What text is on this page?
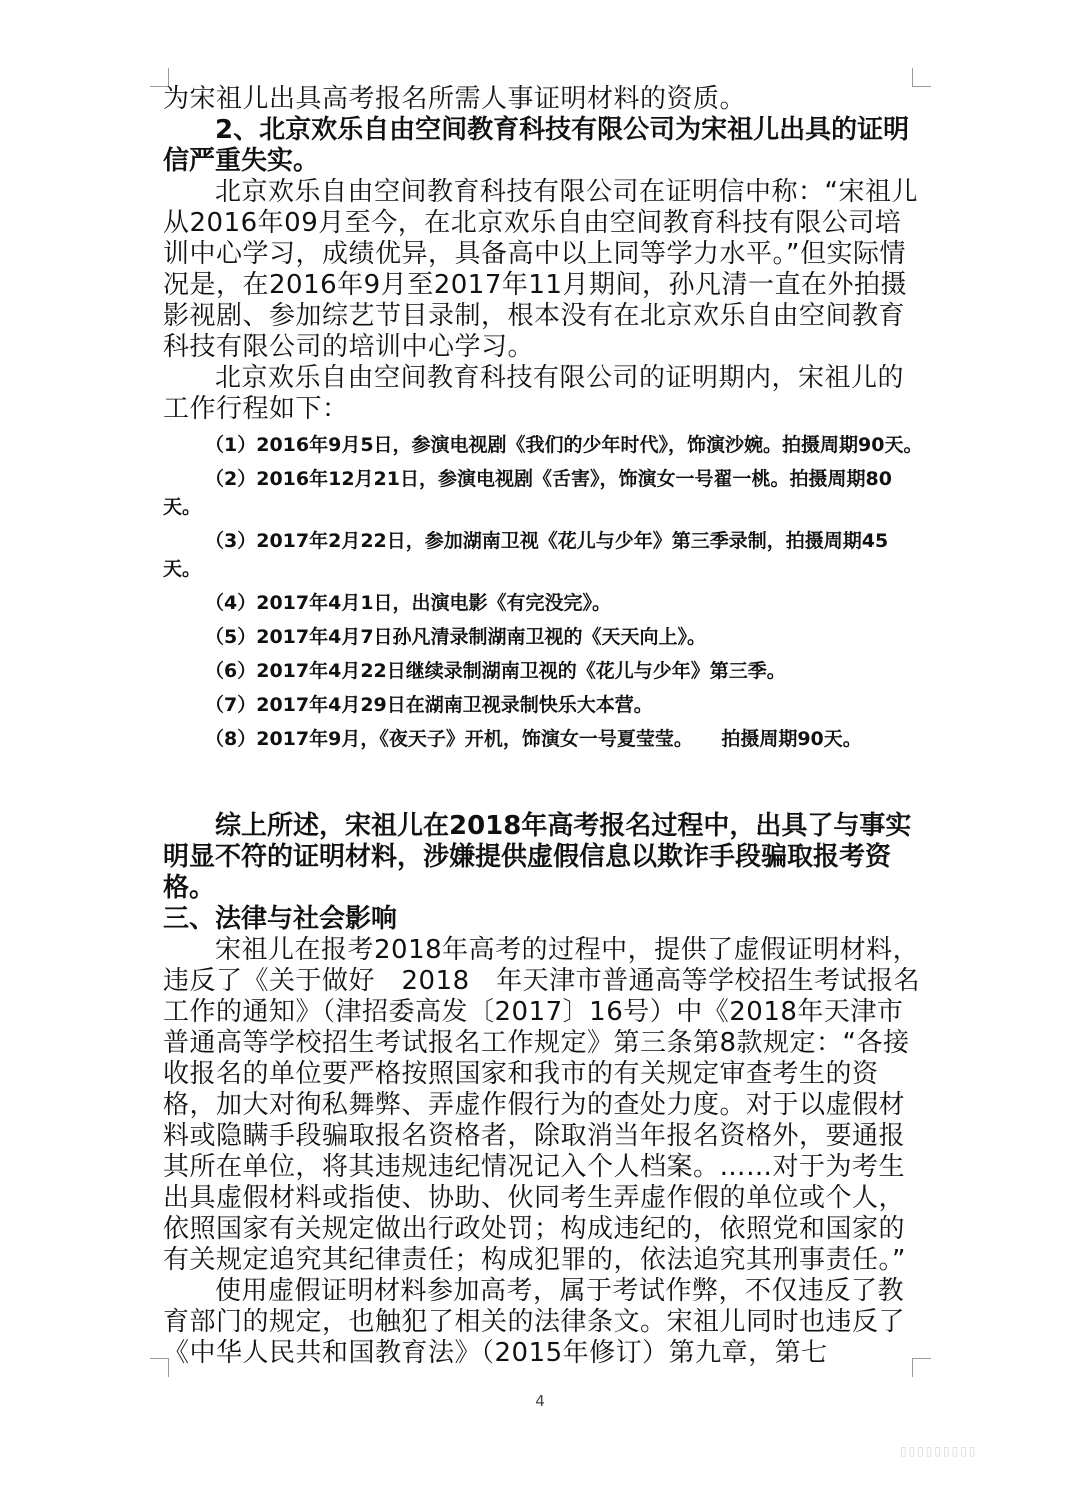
为宋祖儿出具高考报名所需人事证明材料的资质。

2、北京欢乐自由空间教育科技有限公司为宋祖儿出具的证明信严重失实。

北京欢乐自由空间教育科技有限公司在证明信中称：“宋祖儿从2016年09月至今，在北京欢乐自由空间教育科技有限公司培训中心学习，成绩优异，具备高中以上同等学力水平。”但实际情况是，在2016年9月至2017年11月期间，孙凡清一直在外拍摄影视剧、参加综艺节目录制，根本没有在北京欢乐自由空间教育科技有限公司的培训中心学习。

北京欢乐自由空间教育科技有限公司的证明期内，宋祖儿的工作行程如下：

（1）2016年9月5日，参演电视剧《我们的少年时代》，饰演沙婉。拍摄周期90天。

（2）2016年12月21日，参演电视剧《舌害》，饰演女一号翟一桃。拍摄周期80天。

（3）2017年2月22日，参加湖南卫视《花儿与少年》第三季录制，拍摄周期45天。

（4）2017年4月1日，出演电影《有完没完》。

（5）2017年4月7日孙凡清录制湖南卫视的《天天向上》。

（6）2017年4月22日继续录制湖南卫视的《花儿与少年》第三季。

（7）2017年4月29日在湖南卫视录制快乐大本营。

（8）2017年9月，《夜天子》开机，饰演女一号夏莹莹。　　拍摄周期90天。

综上所述，宋祖儿在2018年高考报名过程中，出具了与事实明显不符的证明材料，涉嫌提供虚假信息以欺诈手段骗取报考资格。

三、法律与社会影响

宋祖儿在报考2018年高考的过程中，提供了虚假证明材料，违反了《关于做好　2018　年天津市普通高等学校招生考试报名工作的通知》（津招委高发〔2017〕16号）中《2018年天津市普通高等学校招生考试报名工作规定》第三条第8款规定：“各接收报名的单位要严格按照国家和我市的有关规定审查考生的资格，加大对徇私舞弊、弄虚作假行为的查处力度。对于以虚假材料或隐瞒手段骗取报名资格者，除取消当年报名资格外，要通报其所在单位，将其违规违纪情况记入个人档案。……对于为考生出具虚假材料或指使、协助、伙同考生弄虚作假的单位或个人，依照国家有关规定做出行政处罚；构成违纪的，依照党和国家的有关规定追究其纪律责任；构成犯罪的，依法追究其刑事责任。”

使用虚假证明材料参加高考，属于考试作弊，不仅违反了教育部门的规定，也触犯了相关的法律条文。宋祖儿同时也违反了《中华人民共和国教育法》（2015年修订）第九章，第七

4
▯▯▯▯▯▯▯▯▯
